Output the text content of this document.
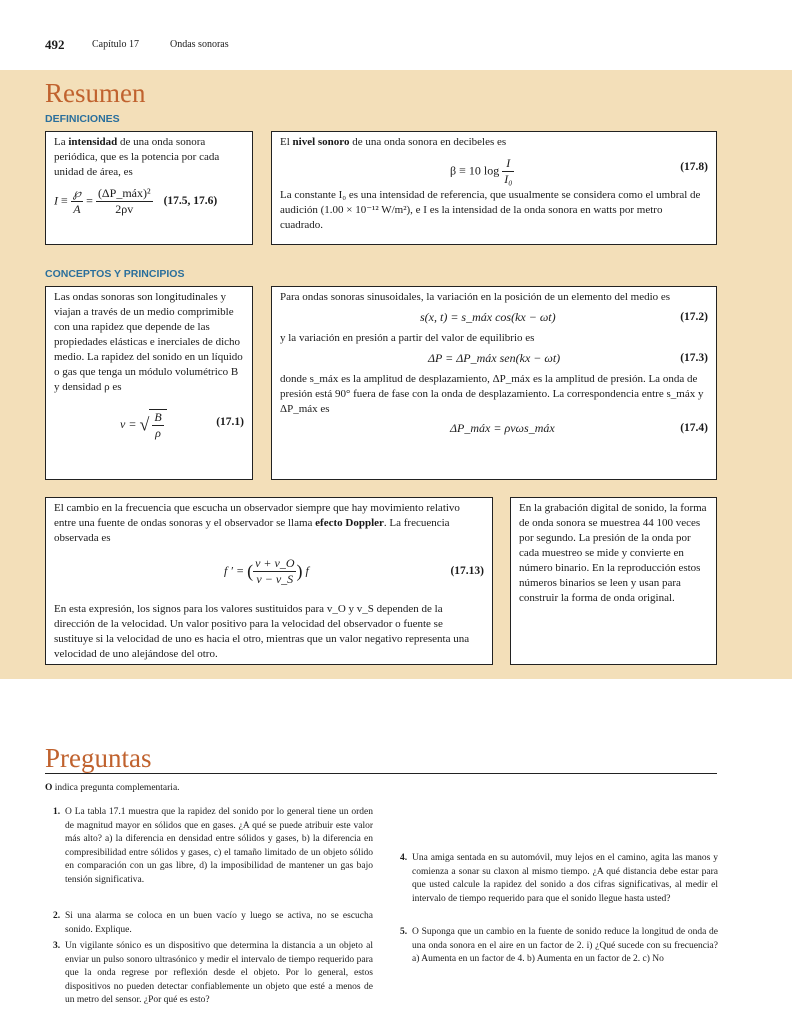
492	Capítulo 17	Ondas sonoras
Resumen
DEFINICIONES

La intensidad de una onda sonora periódica, que es la potencia por cada unidad de área, es

$I \equiv \frac{℘}{A} = \frac{\text{(ΔP\_máx)²}}{2\rho v} (17.5$, 17.6)

El nivel sonoro de una onda sonora en decibeles es

β ≡ 10 $\log \frac{I}{\text{I₀}}$	(17.8)

La constante I₀ es una intensidad de referencia, que usualmente se considera como el umbral de audición (1.00 × 10⁻¹² W/m²), e I es la intensidad de la onda sonora en watts por metro cuadrado.

CONCEPTOS Y PRINCIPIOS

Las ondas sonoras son longitudinales y viajan a través de un medio comprimible con una rapidez que depende de las propiedades elásticas e inerciales de dicho medio. La rapidez del sonido en un líquido o gas que tenga un módulo volumétrico B y densidad ρ es

v = √ $\frac{B}{\rho}$	(17.1)

Para ondas sonoras sinusoidales, la variación en la posición de un elemento del medio es

s(x, t) = s_máx cos(kx − ωt)	(17.2)

y la variación en presión a partir del valor de equilibrio es

ΔP = ΔP_máx sen(kx − ωt)	(17.3)

donde s_máx es la amplitud de desplazamiento, ΔP_máx es la amplitud de presión. La onda de presión está 90° fuera de fase con la onda de desplazamiento. La correspondencia entre s_máx y ΔP_máx es

ΔP_máx = ρvωs_máx	(17.4)

El cambio en la frecuencia que escucha un observador siempre que hay movimiento relativo entre una fuente de ondas sonoras y el observador se llama efecto Doppler. La frecuencia observada es

f ′ = ( $\frac{v + v\_O}{v - v\_S}$ ) f	(17.13)

En esta expresión, los signos para los valores sustituidos para v_O y v_S dependen de la dirección de la velocidad. Un valor positivo para la velocidad del observador o fuente se sustituye si la velocidad de uno es hacia el otro, mientras que un valor negativo representa una velocidad de uno alejándose del otro.

En la grabación digital de sonido, la forma de onda sonora se muestrea 44 100 veces por segundo. La presión de la onda por cada muestreo se mide y convierte en número binario. En la reproducción estos números binarios se leen y usan para construir la forma de onda original.

Preguntas
O indica pregunta complementaria.
1. O La tabla 17.1 muestra que la rapidez del sonido por lo general tiene un orden de magnitud mayor en sólidos que en gases. ¿A qué se puede atribuir este valor más alto? a) la diferencia en densidad entre sólidos y gases, b) la diferencia en compresibilidad entre sólidos y gases, c) el tamaño limitado de un objeto sólido en comparación con un gas libre, d) la imposibilidad de mantener un gas bajo tensión significativa.
2. Si una alarma se coloca en un buen vacío y luego se activa, no se escucha sonido. Explique.
3. Un vigilante sónico es un dispositivo que determina la distancia a un objeto al enviar un pulso sonoro ultrasónico y medir el intervalo de tiempo requerido para que la onda regrese por reflexión desde el objeto. Por lo general, estos dispositivos no pueden detectar confiablemente un objeto que esté a menos de un metro del sensor. ¿Por qué es esto?
4. Una amiga sentada en su automóvil, muy lejos en el camino, agita las manos y comienza a sonar su claxon al mismo tiempo. ¿A qué distancia debe estar para que usted calcule la rapidez del sonido a dos cifras significativas, al medir el intervalo de tiempo requerido para que el sonido llegue hasta usted?
5. O Suponga que un cambio en la fuente de sonido reduce la longitud de onda de una onda sonora en el aire en un factor de 2. i) ¿Qué sucede con su frecuencia? a) Aumenta en un factor de 4. b) Aumenta en un factor de 2. c) No
